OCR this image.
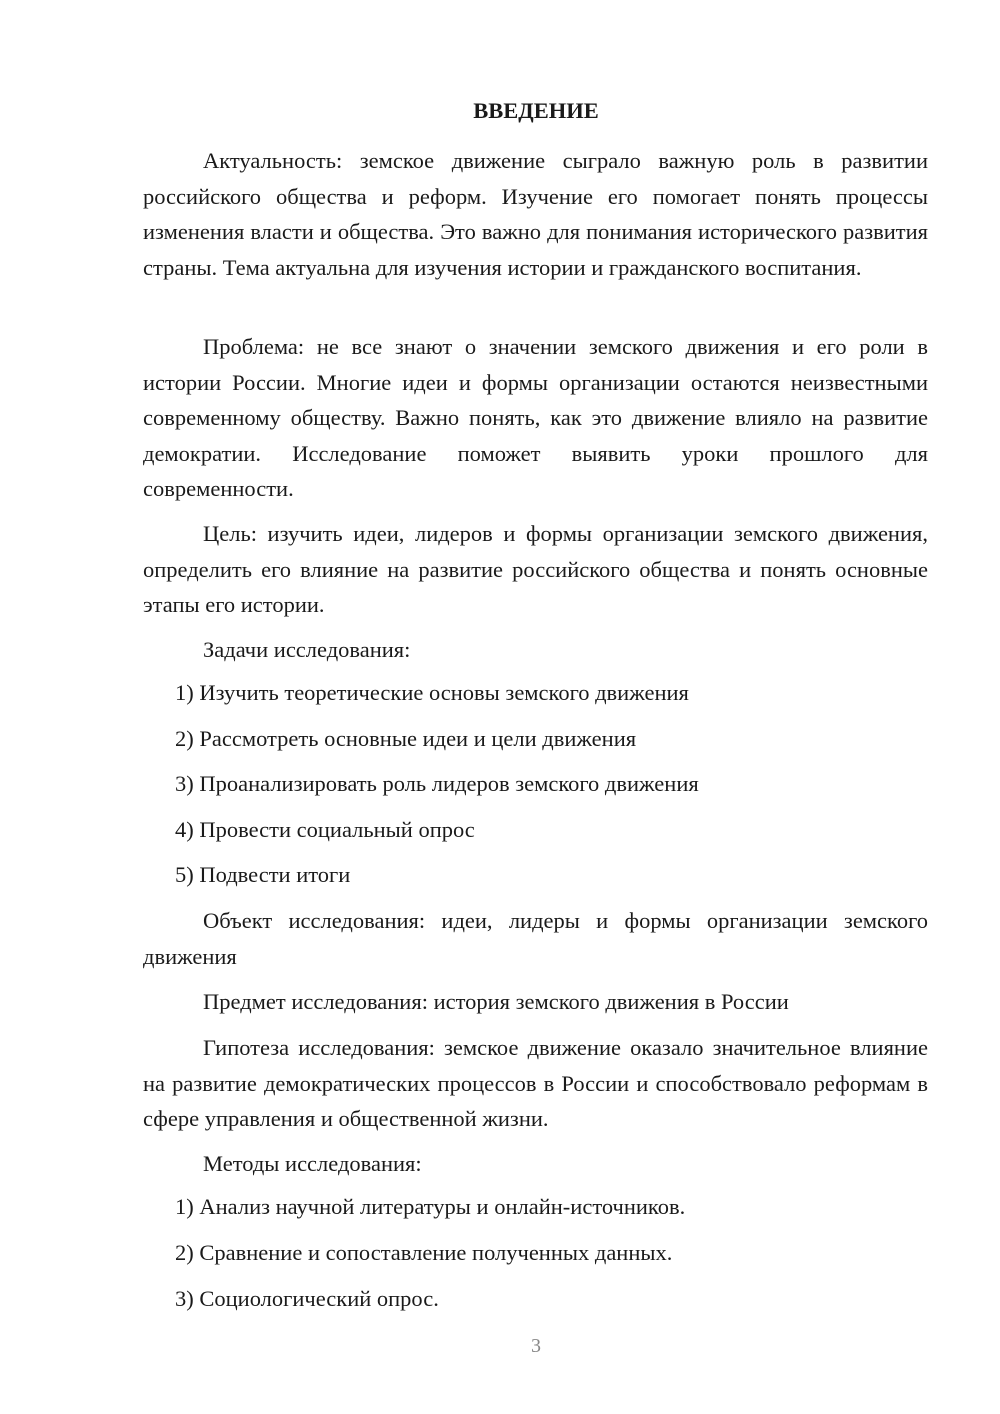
ВВЕДЕНИЕ

Актуальность: земское движение сыграло важную роль в развитии российского общества и реформ. Изучение его помогает понять процессы изменения власти и общества. Это важно для понимания исторического развития страны. Тема актуальна для изучения истории и гражданского воспитания.

Проблема: не все знают о значении земского движения и его роли в истории России. Многие идеи и формы организации остаются неизвестными современному обществу. Важно понять, как это движение влияло на развитие демократии. Исследование поможет выявить уроки прошлого для современности.

Цель: изучить идеи, лидеров и формы организации земского движения, определить его влияние на развитие российского общества и понять основные этапы его истории.

Задачи исследования:

1) Изучить теоретические основы земского движения

2) Рассмотреть основные идеи и цели движения

3) Проанализировать роль лидеров земского движения

4) Провести социальный опрос

5) Подвести итоги

Объект исследования: идеи, лидеры и формы организации земского движения

Предмет исследования: история земского движения в России

Гипотеза исследования: земское движение оказало значительное влияние на развитие демократических процессов в России и способствовало реформам в сфере управления и общественной жизни.

Методы исследования:

1) Анализ научной литературы и онлайн-источников.

2) Сравнение и сопоставление полученных данных.

3) Социологический опрос.

3
